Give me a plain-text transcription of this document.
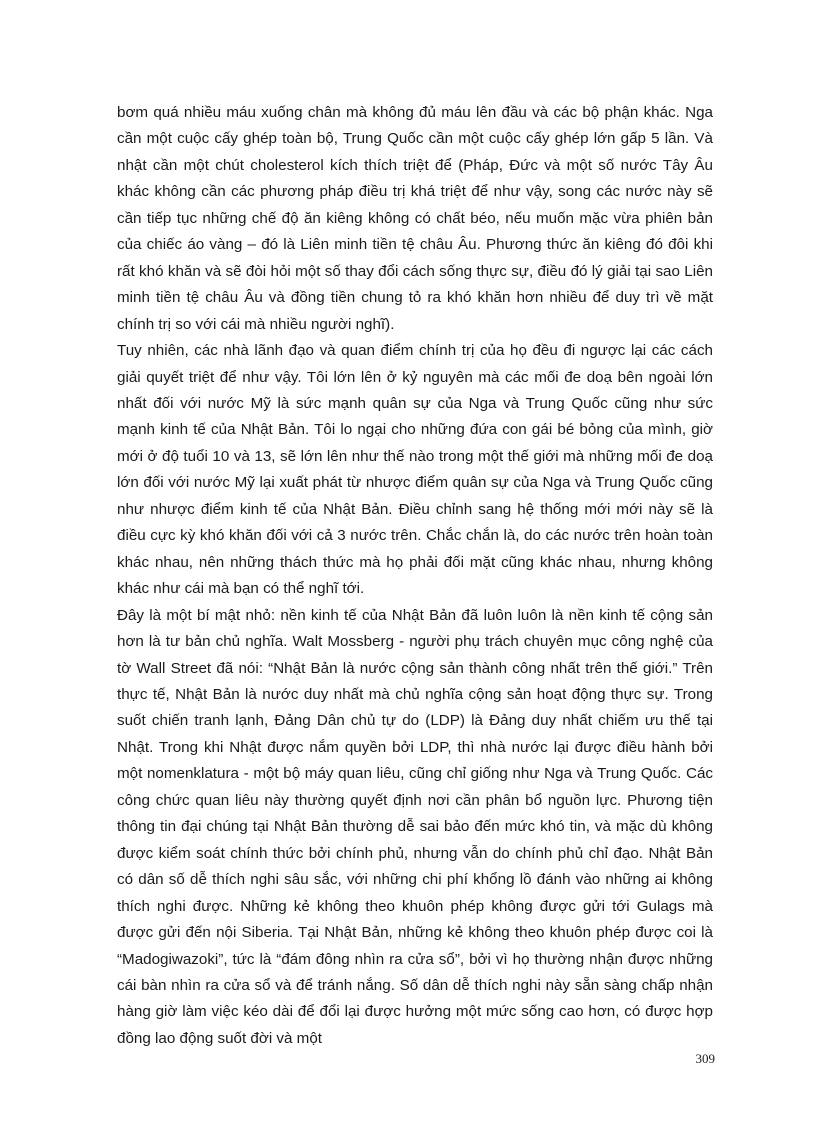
bơm quá nhiều máu xuống chân mà không đủ máu lên đầu và các bộ phận khác. Nga cần một cuộc cấy ghép toàn bộ, Trung Quốc cần một cuộc cấy ghép lớn gấp 5 lần. Và nhật cần một chút cholesterol kích thích triệt để (Pháp, Đức và một số nước Tây Âu khác không cần các phương pháp điều trị khá triệt để như vậy, song các nước này sẽ cần tiếp tục những chế độ ăn kiêng không có chất béo, nếu muốn mặc vừa phiên bản của chiếc áo vàng – đó là Liên minh tiền tệ châu Âu. Phương thức ăn kiêng đó đôi khi rất khó khăn và sẽ đòi hỏi một số thay đổi cách sống thực sự, điều đó lý giải tại sao Liên minh tiền tệ châu Âu và đồng tiền chung tỏ ra khó khăn hơn nhiều để duy trì về mặt chính trị so với cái mà nhiều người nghĩ).

Tuy nhiên, các nhà lãnh đạo và quan điểm chính trị của họ đều đi ngược lại các cách giải quyết triệt để như vậy. Tôi lớn lên ở kỷ nguyên mà các mối đe doạ bên ngoài lớn nhất đối với nước Mỹ là sức mạnh quân sự của Nga và Trung Quốc cũng như sức mạnh kinh tế của Nhật Bản. Tôi lo ngại cho những đứa con gái bé bỏng của mình, giờ mới ở độ tuổi 10 và 13, sẽ lớn lên như thế nào trong một thế giới mà những mối đe doạ lớn đối với nước Mỹ lại xuất phát từ nhược điểm quân sự của Nga và Trung Quốc cũng như nhược điểm kinh tế của Nhật Bản. Điều chỉnh sang hệ thống mới mới này sẽ là điều cực kỳ khó khăn đối với cả 3 nước trên. Chắc chắn là, do các nước trên hoàn toàn khác nhau, nên những thách thức mà họ phải đối mặt cũng khác nhau, nhưng không khác như cái mà bạn có thể nghĩ tới.

Đây là một bí mật nhỏ: nền kinh tế của Nhật Bản đã luôn luôn là nền kinh tế cộng sản hơn là tư bản chủ nghĩa. Walt Mossberg - người phụ trách chuyên mục công nghệ của tờ Wall Street đã nói: “Nhật Bản là nước cộng sản thành công nhất trên thế giới.” Trên thực tế, Nhật Bản là nước duy nhất mà chủ nghĩa cộng sản hoạt động thực sự. Trong suốt chiến tranh lạnh, Đảng Dân chủ tự do (LDP) là Đảng duy nhất chiếm ưu thế tại Nhật. Trong khi Nhật được nắm quyền bởi LDP, thì nhà nước lại được điều hành bởi một nomenklatura - một bộ máy quan liêu, cũng chỉ giống như Nga và Trung Quốc. Các công chức quan liêu này thường quyết định nơi cần phân bổ nguồn lực. Phương tiện thông tin đại chúng tại Nhật Bản thường dễ sai bảo đến mức khó tin, và mặc dù không được kiểm soát chính thức bởi chính phủ, nhưng vẫn do chính phủ chỉ đạo. Nhật Bản có dân số dễ thích nghi sâu sắc, với những chi phí khổng lồ đánh vào những ai không thích nghi được. Những kẻ không theo khuôn phép không được gửi tới Gulags mà được gửi đến nội Siberia. Tại Nhật Bản, những kẻ không theo khuôn phép được coi là “Madogiwazoki”, tức là “đám đông nhìn ra cửa sổ”, bởi vì họ thường nhận được những cái bàn nhìn ra cửa sổ và để tránh nắng. Số dân dễ thích nghi này sẵn sàng chấp nhận hàng giờ làm việc kéo dài để đổi lại được hưởng một mức sống cao hơn, có được hợp đồng lao động suốt đời và một

309
